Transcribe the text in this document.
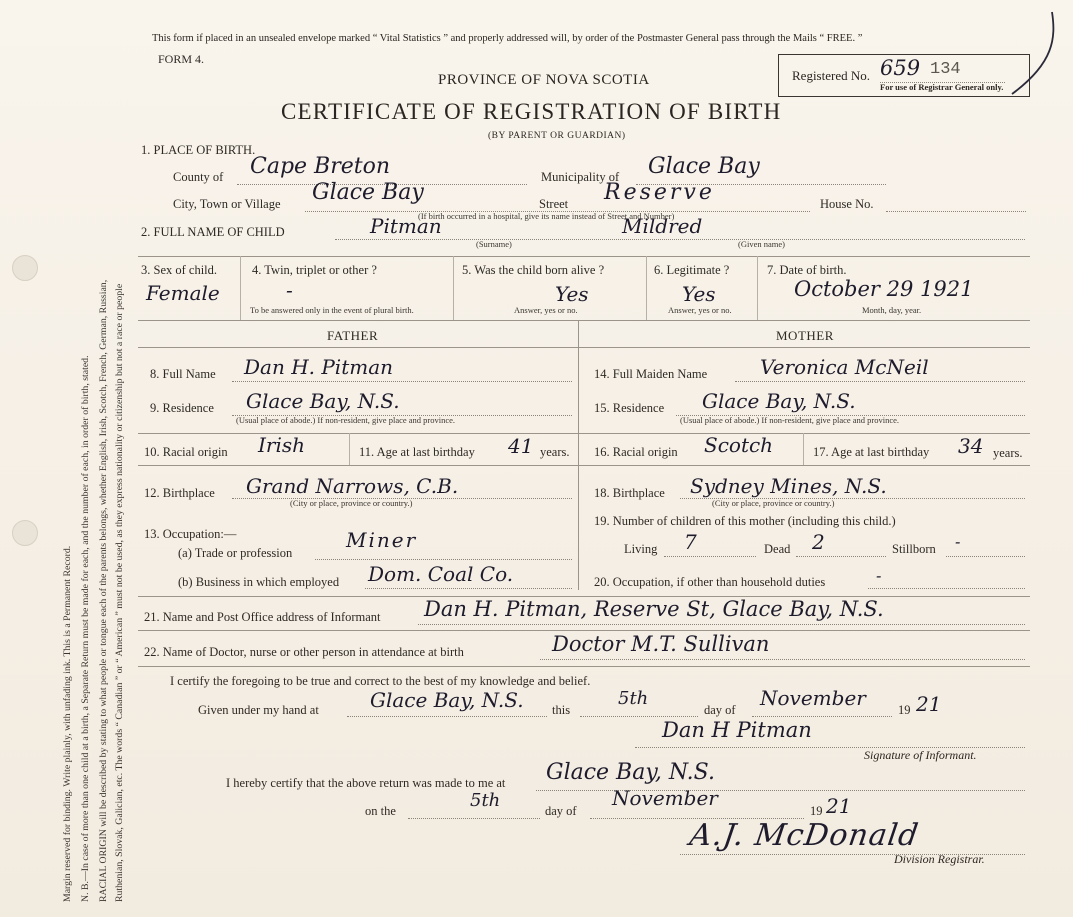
Margin reserved for binding. Write plainly, with unfading ink. This is a Permanent Record. N. B.—In case of more than one child at a birth, a Separate Return must be made for each, and the number of each, in order of birth, stated. RACIAL ORIGIN will be described by stating to what people or tongue each of the parents belongs, whether English, Irish, Scotch, French, German, Russian, Ruthenian, Slovak, Galician, etc. The words “ Canadian ” or “ American ” must not be used, as they express nationality or citizenship but not a race or people
This form if placed in an unsealed envelope marked “ Vital Statistics ” and properly addressed will, by order of the Postmaster General pass through the Mails “ FREE. ”
FORM 4.
PROVINCE OF NOVA SCOTIA
CERTIFICATE OF REGISTRATION OF BIRTH
(BY PARENT OR GUARDIAN)
Registered No. 659 134
For use of Registrar General only.
1. PLACE OF BIRTH.
County of Cape Breton	Municipality of Glace Bay
City, Town or Village Glace Bay	Street Reserve	House No.
(If birth occurred in a hospital, give its name instead of Street and Number)
2. FULL NAME OF CHILD	Pitman	Mildred
(Surname)	(Given name)
3. Sex of child.
Female
4. Twin, triplet or other ?
-
To be answered only in the event of plural birth.
5. Was the child born alive ?
Yes
Answer, yes or no.
6. Legitimate ?
Yes
Answer, yes or no.
7. Date of birth.
October 29 1921
Month, day, year.
FATHER	MOTHER
8. Full Name Dan H. Pitman
9. Residence Glace Bay, N.S.
(Usual place of abode.) If non-resident, give place and province.
10. Racial origin Irish	11. Age at last birthday 41 years.
12. Birthplace Grand Narrows, C.B.
(City or place, province or country.)
13. Occupation:—
(a) Trade or profession
Miner
(b) Business in which employed Dom. Coal Co.
14. Full Maiden Name	Veronica McNeil
15. Residence Glace Bay, N.S.
(Usual place of abode.) If non-resident, give place and province.
16. Racial origin Scotch	17. Age at last birthday 34 years.
18. Birthplace Sydney Mines, N.S.
(City or place, province or country.)
19. Number of children of this mother (including this child.)
Living 7	Dead 2	Stillborn -
20. Occupation, if other than household duties	-
21. Name and Post Office address of Informant Dan H. Pitman, Reserve St, Glace Bay, N.S.
22. Name of Doctor, nurse or other person in attendance at birth	Doctor M.T. Sullivan
I certify the foregoing to be true and correct to the best of my knowledge and belief.
Given under my hand at	Glace Bay, N.S. this
5th
day of November	19 21
Dan H Pitman
Signature of Informant.
I hereby certify that the above return was made to me at Glace Bay, N.S.
on the	5th	day of
November
19 21
A.J. McDonald
Division Registrar.
